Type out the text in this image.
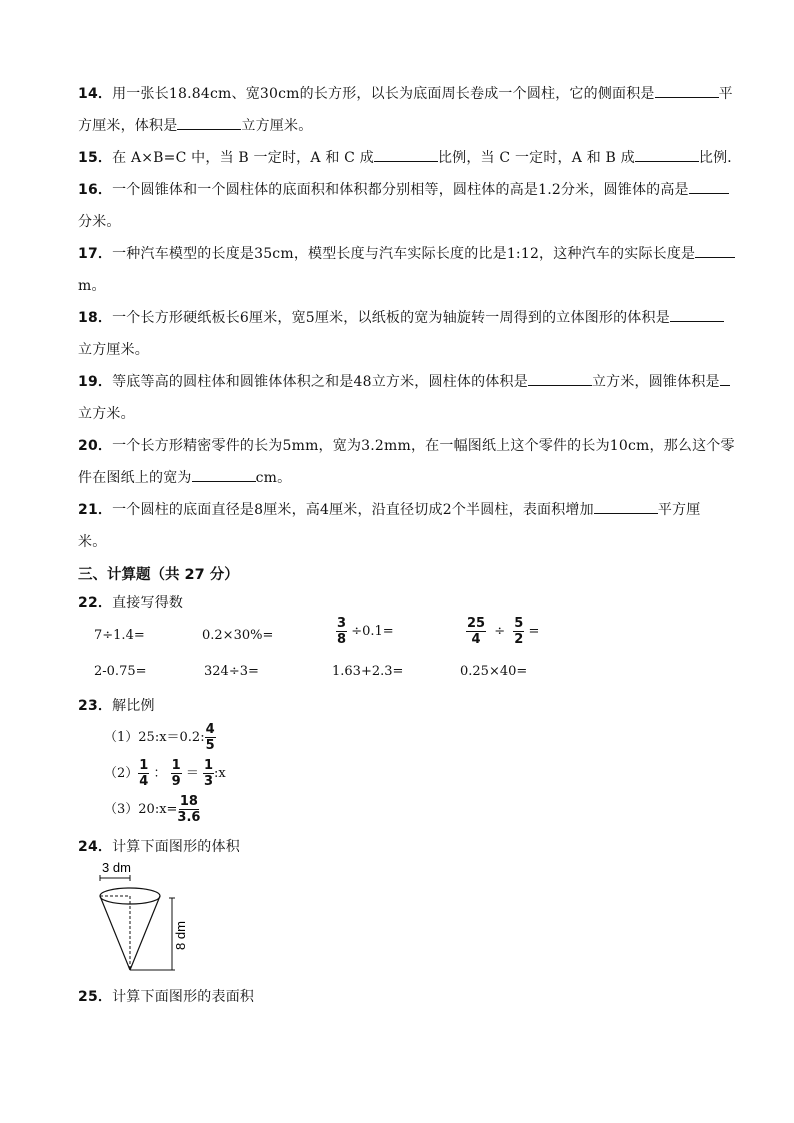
14．用一张长18.84cm、宽30cm的长方形，以长为底面周长卷成一个圆柱，它的侧面积是	平
方厘米，体积是	立方厘米。

15．在 A×B=C 中，当 B 一定时，A 和 C 成	比例，当 C 一定时，A 和 B 成	比例．

16．一个圆锥体和一个圆柱体的底面积和体积都分别相等，圆柱体的高是1.2分米，圆锥体的高是
分米。

17．一种汽车模型的长度是35cm，模型长度与汽车实际长度的比是1:12，这种汽车的实际长度是
m。

18．一个长方形硬纸板长6厘米，宽5厘米，以纸板的宽为轴旋转一周得到的立体图形的体积是
立方厘米。

19．等底等高的圆柱体和圆锥体体积之和是48立方米，圆柱体的体积是	立方米，圆锥体积是
立方米。

20．一个长方形精密零件的长为5mm，宽为3.2mm，在一幅图纸上这个零件的长为10cm，那么这个零
件在图纸上的宽为	cm。

21．一个圆柱的底面直径是8厘米，高4厘米，沿直径切成2个半圆柱，表面积增加	平方厘
米。

三、计算题（共 27 分）

22．直接写得数

7÷1.4=	0.2×30%=	$\frac{3}{8} \div 0.1=$	$\frac{25}{4} \div \frac{5}{2}$ =
2-0.75=	324÷3=	1.63+2.3=	0.25×40=

23．解比例

（1）25:x＝0.2: $\frac{4}{5}$
$(2) \frac{1}{4}$ ： $\frac{1}{9} = \frac{1}{3}$ :x
（3）20:x= $\frac{18}{3.6}$

24．计算下面图形的体积

3 dm
8 dm

25．计算下面图形的表面积
